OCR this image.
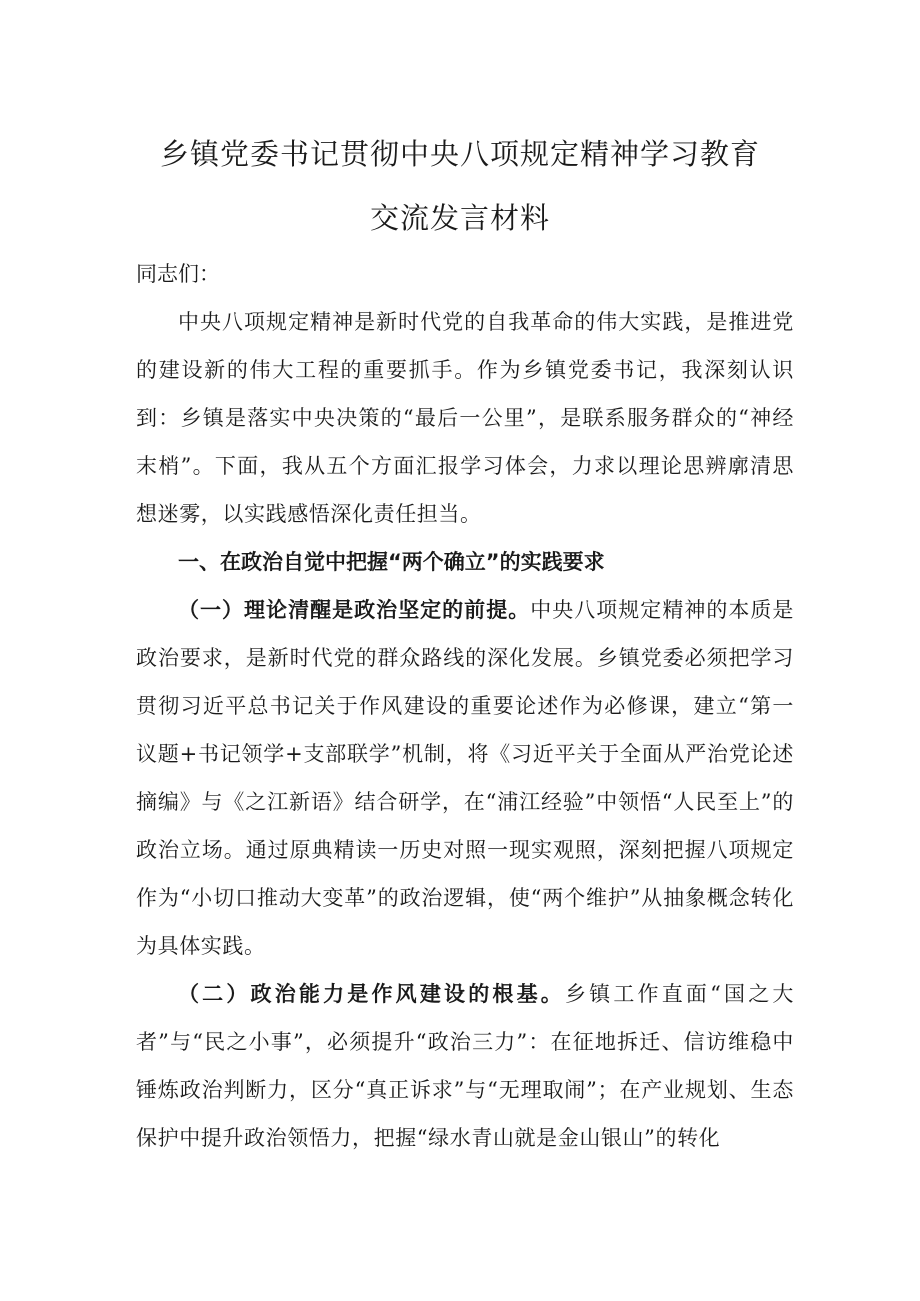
乡镇党委书记贯彻中央八项规定精神学习教育
交流发言材料
同志们：
中央八项规定精神是新时代党的自我革命的伟大实践，是推进党的建设新的伟大工程的重要抓手。作为乡镇党委书记，我深刻认识到：乡镇是落实中央决策的“最后一公里”，是联系服务群众的“神经末梢”。下面，我从五个方面汇报学习体会，力求以理论思辨廓清思想迷雾，以实践感悟深化责任担当。
一、在政治自觉中把握“两个确立”的实践要求
（一）理论清醒是政治坚定的前提。中央八项规定精神的本质是政治要求，是新时代党的群众路线的深化发展。乡镇党委必须把学习贯彻习近平总书记关于作风建设的重要论述作为必修课，建立“第一议题+书记领学+支部联学”机制，将《习近平关于全面从严治党论述摘编》与《之江新语》结合研学，在“浦江经验”中领悟“人民至上”的政治立场。通过原典精读一历史对照一现实观照，深刻把握八项规定作为“小切口推动大变革”的政治逻辑，使“两个维护”从抽象概念转化为具体实践。
（二）政治能力是作风建设的根基。乡镇工作直面“国之大者”与“民之小事”，必须提升“政治三力”：在征地拆迁、信访维稳中锤炼政治判断力，区分“真正诉求”与“无理取闹”；在产业规划、生态保护中提升政治领悟力，把握“绿水青山就是金山银山”的转化
